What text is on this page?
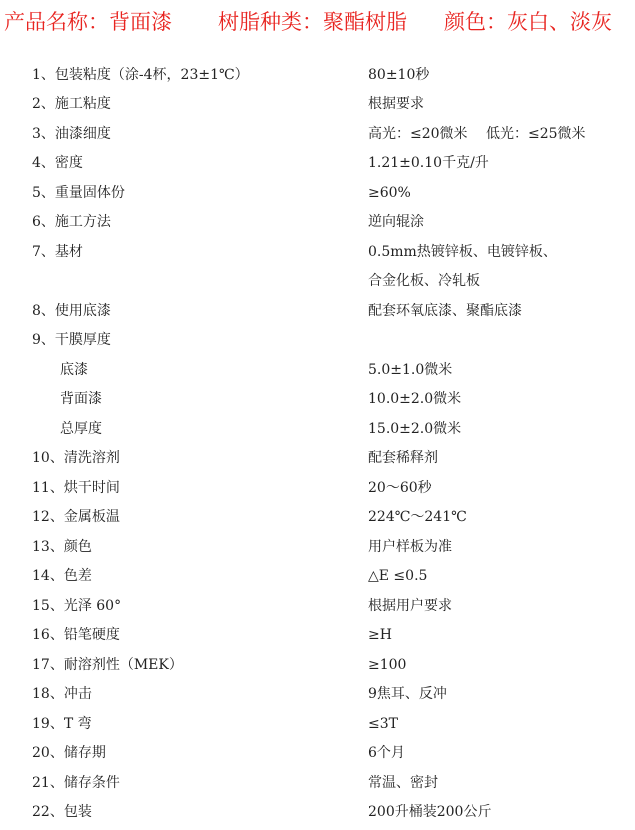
产品名称：背面漆 树脂种类：聚酯树脂 颜色：灰白、淡灰
1、包装粘度（涂-4杯，23±1℃）	80±10秒
2、施工粘度	根据要求
3、油漆细度	高光：≤20微米　 低光：≤25微米
4、密度	1.21±0.10千克/升
5、重量固体份	≥60%
6、施工方法	逆向辊涂
7、基材	0.5mm热镀锌板、电镀锌板、
合金化板、冷轧板
8、使用底漆	配套环氧底漆、聚酯底漆
9、干膜厚度
底漆	5.0±1.0微米
背面漆	10.0±2.0微米
总厚度	15.0±2.0微米
10、清洗溶剂	配套稀释剂
11、烘干时间	20～60秒
12、金属板温	224℃～241℃
13、颜色	用户样板为准
14、色差	△E ≤0.5
15、光泽 60°	根据用户要求
16、铅笔硬度	≥H
17、耐溶剂性（MEK）	≥100
18、冲击	9焦耳、反冲
19、T 弯	≤3T
20、储存期	6个月
21、储存条件	常温、密封
22、包装	200升桶装200公斤
